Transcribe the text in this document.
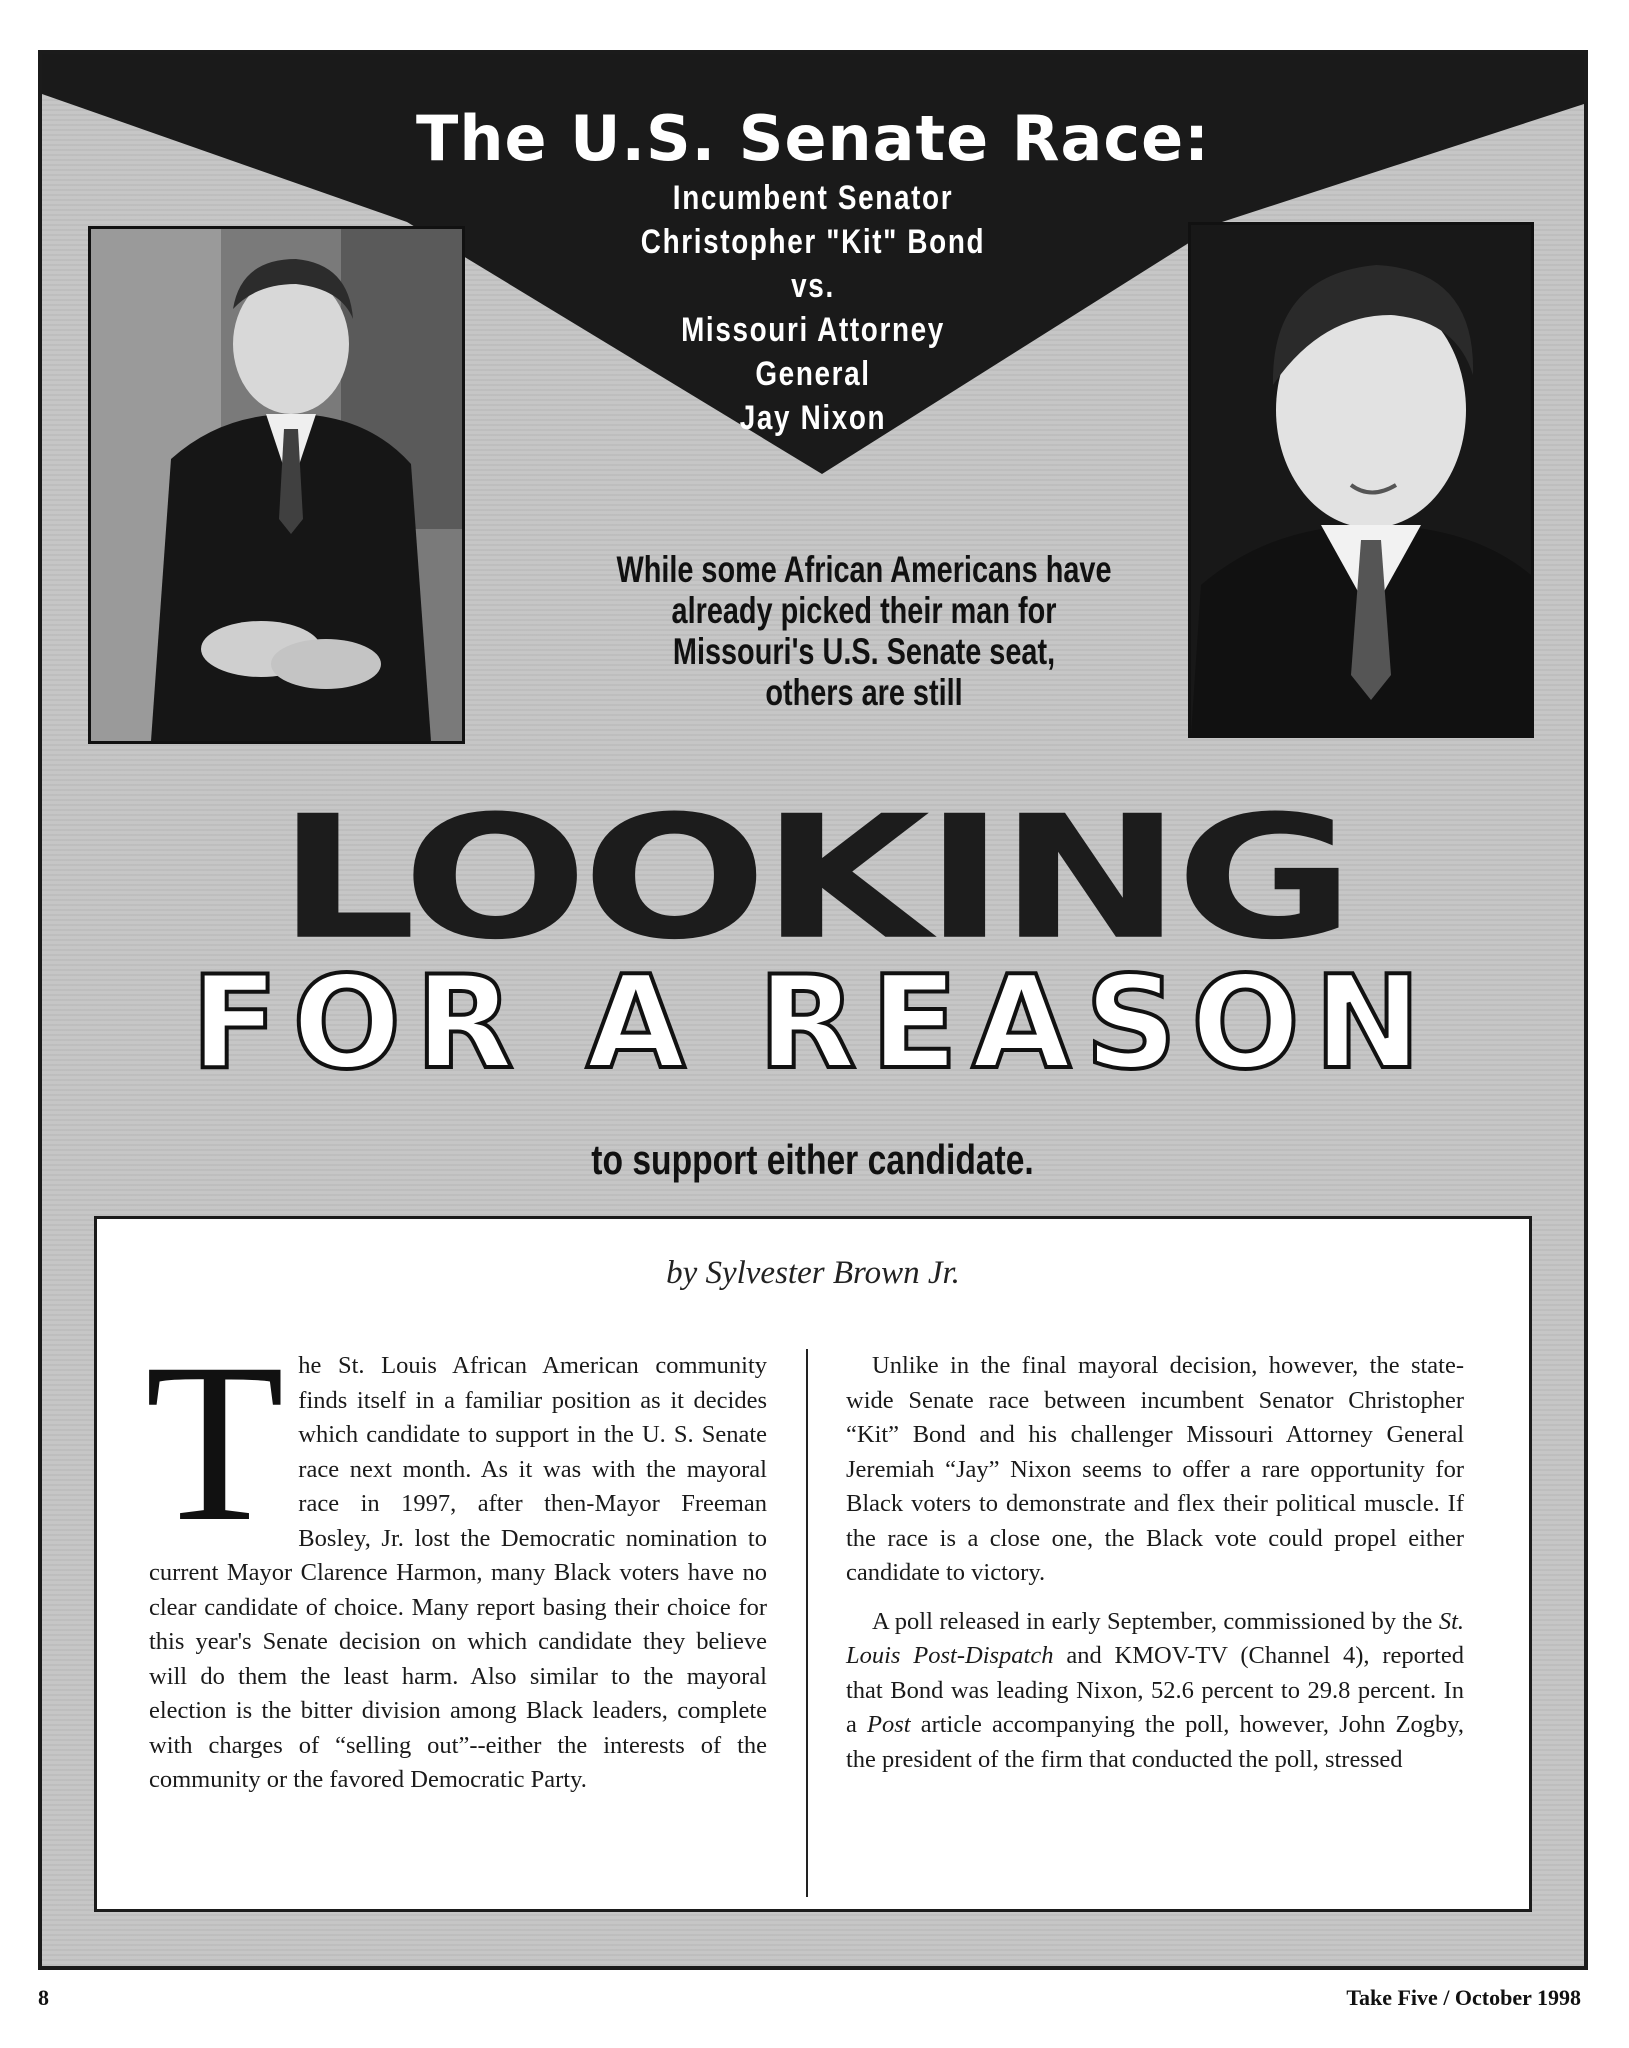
The U.S. Senate Race:
Incumbent Senator
Christopher "Kit" Bond
vs.
Missouri Attorney
General
Jay Nixon
While some African Americans have
already picked their man for
Missouri's U.S. Senate seat,
others are still
LOOKING
FOR A REASON
to support either candidate.
by Sylvester Brown Jr.

The St. Louis African American community finds itself in a familiar position as it decides which candidate to support in the U. S. Senate race next month. As it was with the mayoral race in 1997, after then-Mayor Freeman Bosley, Jr. lost the Democratic nomination to current Mayor Clarence Harmon, many Black voters have no clear candidate of choice. Many report basing their choice for this year's Senate decision on which candidate they believe will do them the least harm. Also similar to the mayoral election is the bitter division among Black leaders, complete with charges of “selling out”--either the interests of the community or the favored Democratic Party.

Unlike in the final mayoral decision, however, the state-wide Senate race between incumbent Senator Christopher “Kit” Bond and his challenger Missouri Attorney General Jeremiah “Jay” Nixon seems to offer a rare opportunity for Black voters to demonstrate and flex their political muscle. If the race is a close one, the Black vote could propel either candidate to victory.

A poll released in early September, commissioned by the St. Louis Post-Dispatch and KMOV-TV (Channel 4), reported that Bond was leading Nixon, 52.6 percent to 29.8 percent. In a Post article accompanying the poll, however, John Zogby, the president of the firm that conducted the poll, stressed

8	Take Five / October 1998
